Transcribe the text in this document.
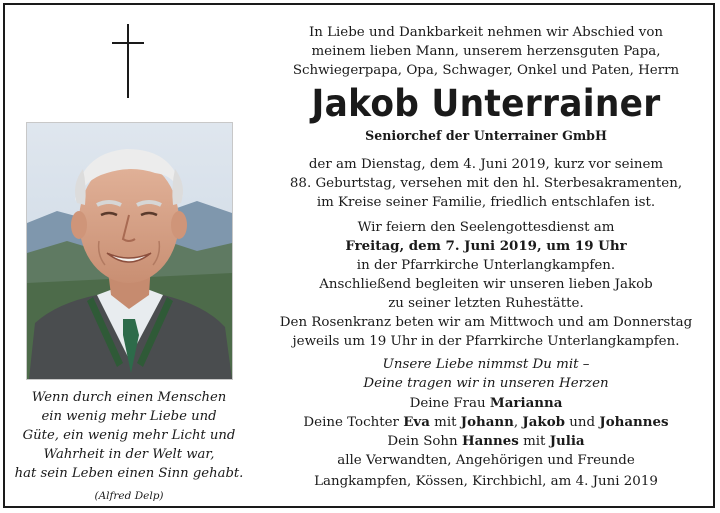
Wenn durch einen Menschen
ein wenig mehr Liebe und
Güte, ein wenig mehr Licht und
Wahrheit in der Welt war,
hat sein Leben einen Sinn gehabt.
(Alfred Delp)
In Liebe und Dankbarkeit nehmen wir Abschied von
meinem lieben Mann, unserem herzensguten Papa,
Schwiegerpapa, Opa, Schwager, Onkel und Paten, Herrn
Jakob Unterrainer
Seniorchef der Unterrainer GmbH
der am Dienstag, dem 4. Juni 2019, kurz vor seinem
88. Geburtstag, versehen mit den hl. Sterbesakramenten,
im Kreise seiner Familie, friedlich entschlafen ist.
Wir feiern den Seelengottesdienst am
Freitag, dem 7. Juni 2019, um 19 Uhr
in der Pfarrkirche Unterlangkampfen.
Anschließend begleiten wir unseren lieben Jakob
zu seiner letzten Ruhestätte.
Den Rosenkranz beten wir am Mittwoch und am Donnerstag
jeweils um 19 Uhr in der Pfarrkirche Unterlangkampfen.
Unsere Liebe nimmst Du mit –
Deine tragen wir in unseren Herzen
Deine Frau Marianna
Deine Tochter Eva mit Johann, Jakob und Johannes
Dein Sohn Hannes mit Julia
alle Verwandten, Angehörigen und Freunde
Langkampfen, Kössen, Kirchbichl, am 4. Juni 2019
